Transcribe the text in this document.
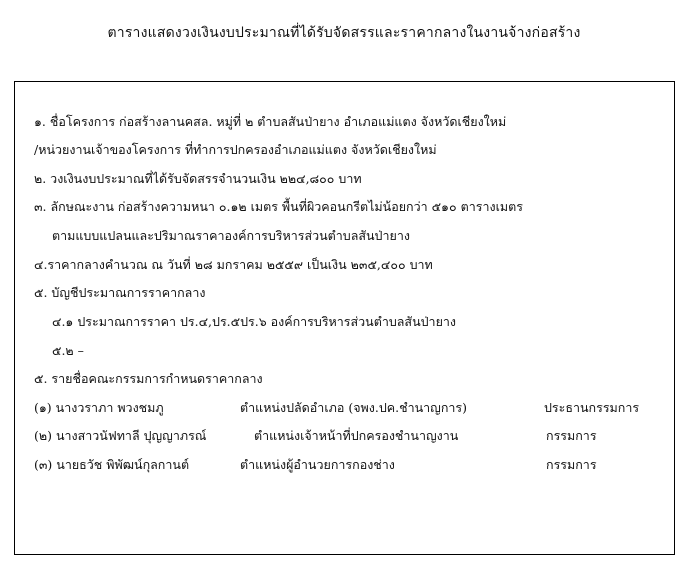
ตารางแสดงวงเงินงบประมาณที่ได้รับจัดสรรและราคากลางในงานจ้างก่อสร้าง
๑. ชื่อโครงการ ก่อสร้างลานคสล. หมู่ที่ ๒ ตำบลสันป่ายาง อำเภอแม่แตง จังหวัดเชียงใหม่
/หน่วยงานเจ้าของโครงการ ที่ทำการปกครองอำเภอแม่แตง จังหวัดเชียงใหม่
๒. วงเงินงบประมาณที่ได้รับจัดสรรจำนวนเงิน ๒๒๔,๘๐๐ บาท
๓. ลักษณะงาน ก่อสร้างความหนา ๐.๑๒ เมตร พื้นที่ผิวคอนกรีตไม่น้อยกว่า ๕๑๐ ตารางเมตร
ตามแบบแปลนและปริมาณราคาองค์การบริหารส่วนตำบลสันป่ายาง
๔.ราคากลางคำนวณ ณ วันที่ ๒๘ มกราคม ๒๕๕๙ เป็นเงิน ๒๓๕,๔๐๐ บาท
๕. บัญชีประมาณการราคากลาง
๔.๑ ประมาณการราคา ปร.๔,ปร.๕ปร.๖ องค์การบริหารส่วนตำบลสันป่ายาง
๕.๒ –
๕. รายชื่อคณะกรรมการกำหนดราคากลาง
(๑) นางวราภา พวงชมภู	ตำแหน่งปลัดอำเภอ (จพง.ปค.ชำนาญการ)	ประธานกรรมการ
(๒) นางสาวนัฟทาลี ปุญญาภรณ์	ตำแหน่งเจ้าหน้าที่ปกครองชำนาญงาน	กรรมการ
(๓) นายธวัช พิพัฒน์กุลกานต์	ตำแหน่งผู้อำนวยการกองช่าง	กรรมการ
